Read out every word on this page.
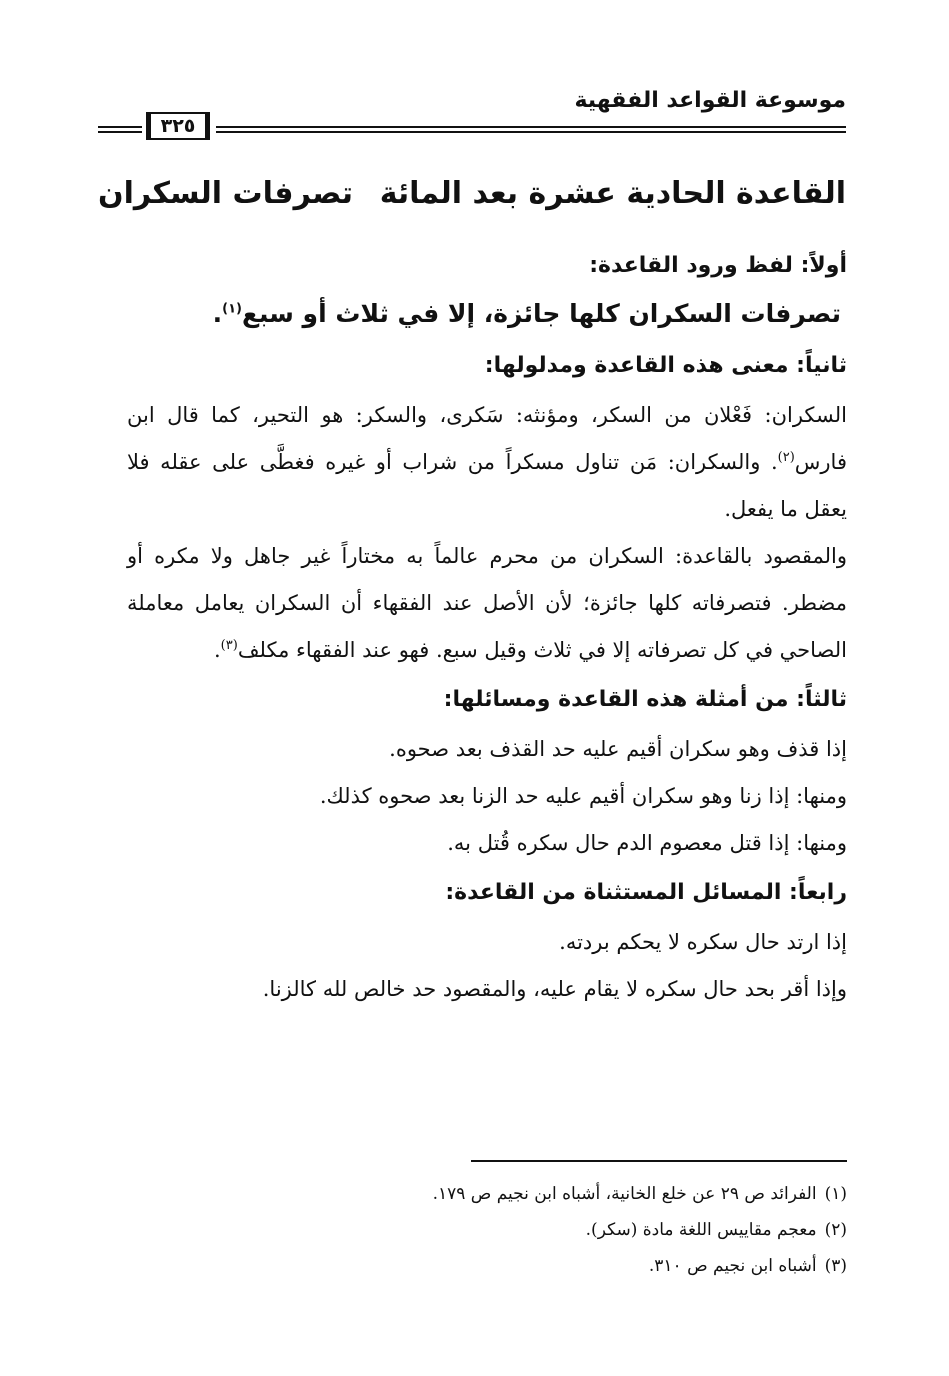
موسوعة القواعد الفقهية
٣٢٥
القاعدة الحادية عشرة بعد المائة
تصرفات السكران
أولاً: لفظ ورود القاعدة:

تصرفات السكران كلها جائزة، إلا في ثلاث أو سبع$^{(١)}$.

ثانياً: معنى هذه القاعدة ومدلولها:

السكران: فَعْلان من السكر، ومؤنثه: سَكرى، والسكر: هو التحير، كما قال ابن فارس$^{(٢)}$. والسكران: مَن تناول مسكراً من شراب أو غيره فغطَّى على عقله فلا يعقل ما يفعل.

والمقصود بالقاعدة: السكران من محرم عالماً به مختاراً غير جاهل ولا مكره أو مضطر. فتصرفاته كلها جائزة؛ لأن الأصل عند الفقهاء أن السكران يعامل معاملة الصاحي في كل تصرفاته إلا في ثلاث وقيل سبع. فهو عند الفقهاء مكلف$^{(٣)}$.

ثالثاً: من أمثلة هذه القاعدة ومسائلها:

إذا قذف وهو سكران أقيم عليه حد القذف بعد صحوه.

ومنها: إذا زنا وهو سكران أقيم عليه حد الزنا بعد صحوه كذلك.

ومنها: إذا قتل معصوم الدم حال سكره قُتل به.

رابعاً: المسائل المستثناة من القاعدة:

إذا ارتد حال سكره لا يحكم بردته.

وإذا أقر بحد حال سكره لا يقام عليه، والمقصود حد خالص لله كالزنا.

(١)الفرائد ص ٢٩ عن خلع الخانية، أشباه ابن نجيم ص ١٧٩.

(٢)معجم مقاييس اللغة مادة (سكر).

(٣)أشباه ابن نجيم ص ٣١٠.
